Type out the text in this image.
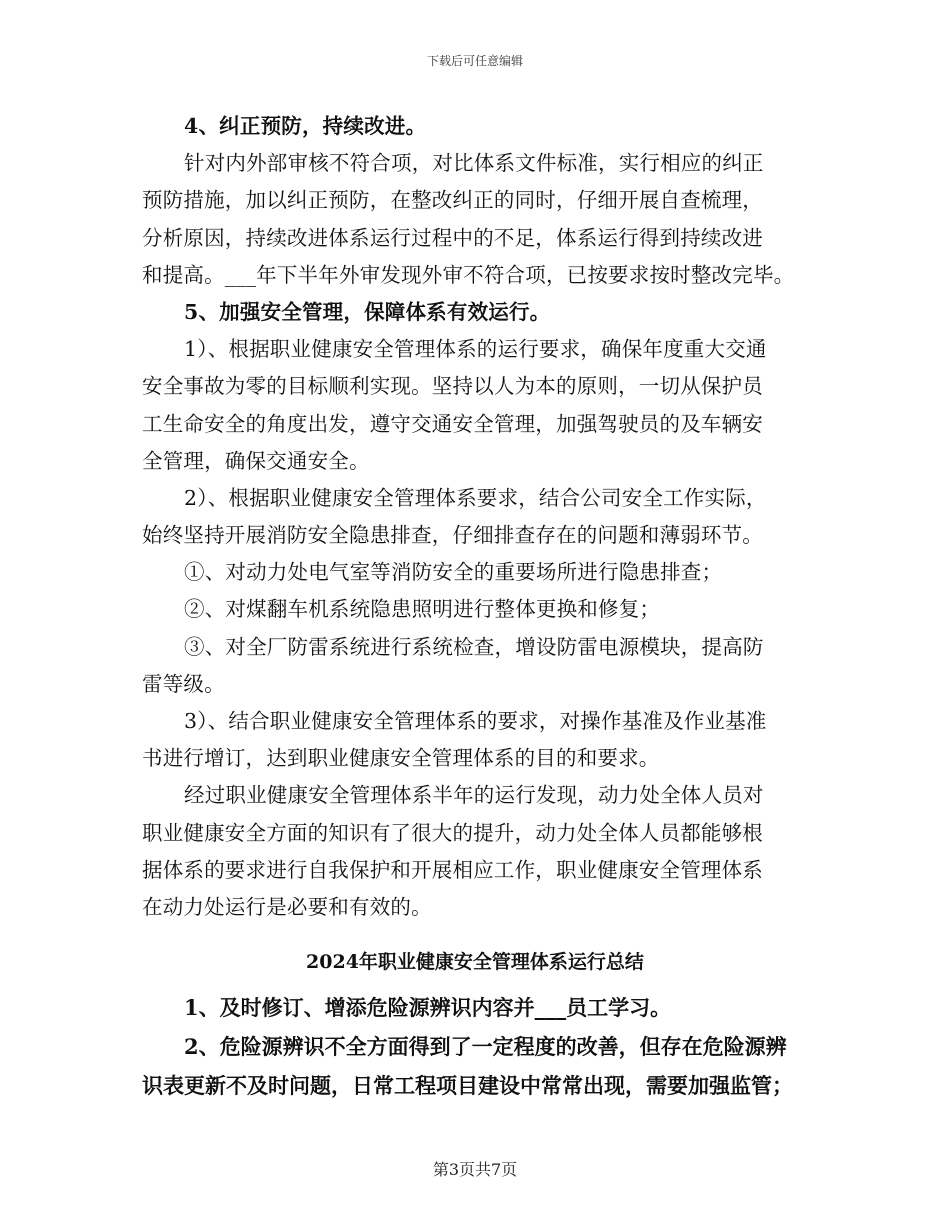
下载后可任意编辑
4、纠正预防，持续改进。
针对内外部审核不符合项，对比体系文件标准，实行相应的纠正
预防措施，加以纠正预防，在整改纠正的同时，仔细开展自查梳理，
分析原因，持续改进体系运行过程中的不足，体系运行得到持续改进
和提高。___年下半年外审发现外审不符合项，已按要求按时整改完毕。
5、加强安全管理，保障体系有效运行。
1）、根据职业健康安全管理体系的运行要求，确保年度重大交通
安全事故为零的目标顺利实现。坚持以人为本的原则，一切从保护员
工生命安全的角度出发，遵守交通安全管理，加强驾驶员的及车辆安
全管理，确保交通安全。
2）、根据职业健康安全管理体系要求，结合公司安全工作实际，
始终坚持开展消防安全隐患排查，仔细排查存在的问题和薄弱环节。
①、对动力处电气室等消防安全的重要场所进行隐患排查；
②、对煤翻车机系统隐患照明进行整体更换和修复；
③、对全厂防雷系统进行系统检查，增设防雷电源模块，提高防
雷等级。
3）、结合职业健康安全管理体系的要求，对操作基准及作业基准
书进行增订，达到职业健康安全管理体系的目的和要求。
经过职业健康安全管理体系半年的运行发现，动力处全体人员对
职业健康安全方面的知识有了很大的提升，动力处全体人员都能够根
据体系的要求进行自我保护和开展相应工作，职业健康安全管理体系
在动力处运行是必要和有效的。
2024年职业健康安全管理体系运行总结
1、及时修订、增添危险源辨识内容并___员工学习。
2、危险源辨识不全方面得到了一定程度的改善，但存在危险源辨
识表更新不及时问题，日常工程项目建设中常常出现，需要加强监管；
第3页共7页
